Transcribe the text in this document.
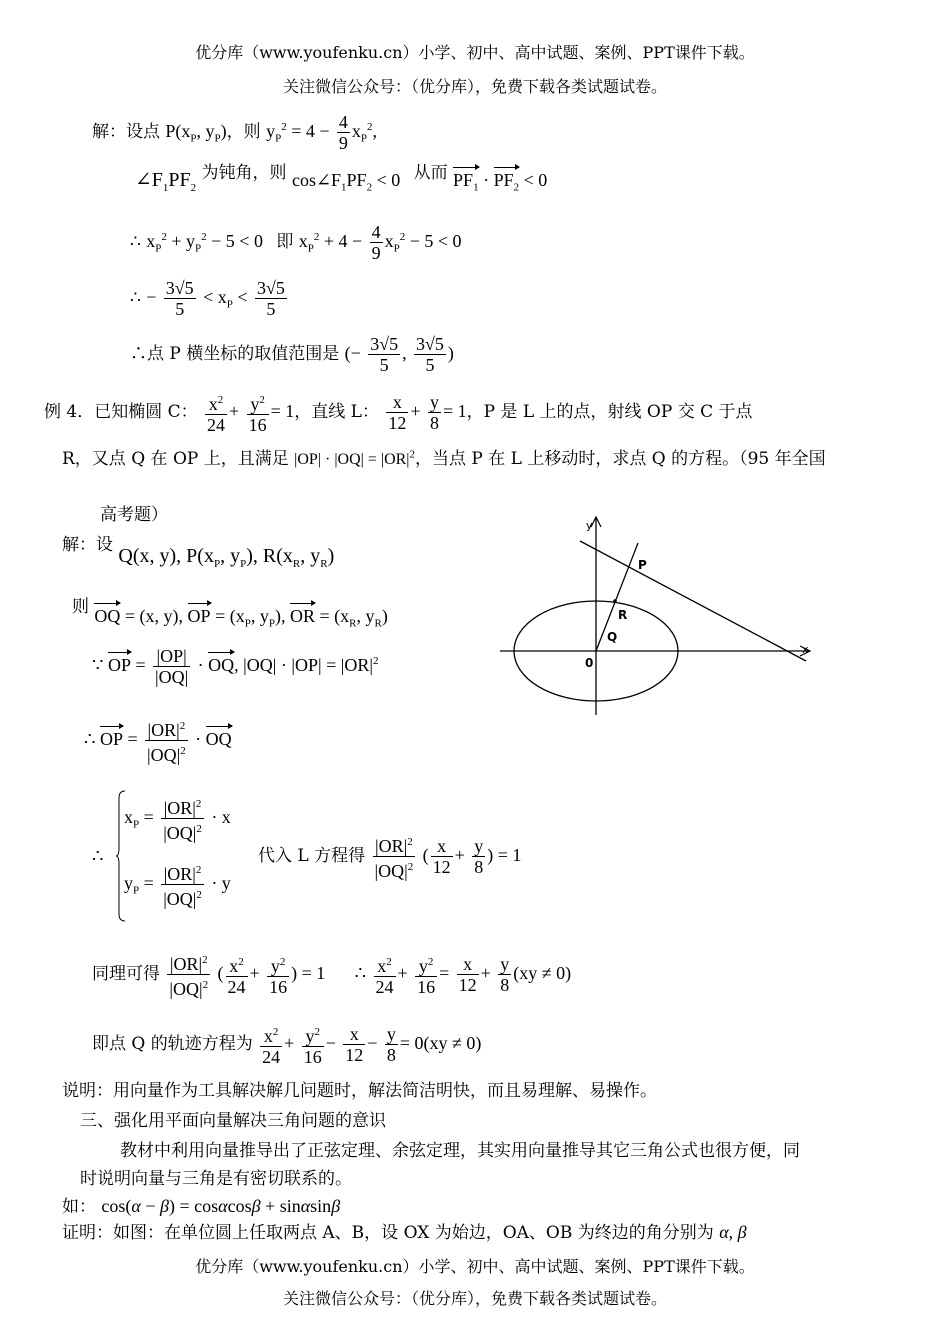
优分库（www.youfenku.cn）小学、初中、高中试题、案例、PPT课件下载。
关注微信公众号：（优分库），免费下载各类试题试卷。
解：设点 $P(x_P$, $y_P$)，则 $y_P^2 = 4 - \frac{4}{9} x_P^2$,
$\angle F_1PF_2$ 为钝角，则 $\cos\angle F_1PF_2 < 0$ 从而 $PF_1 \cdot PF_2 < 0$
∴ $x_P^2 + y_P^2 - 5 < 0$ 即 $x_P^2 + 4 - \frac{4}{9} x_P^2 - 5 < 0$
∴ − $\frac{3√5}{5} < x_P < \frac{3√5}{5}$
∴点 P 横坐标的取值范围是 (− $\frac{3√5}{5}$ , $\frac{3√5}{5}$ )
例 4．已知椭圆 C： $\frac{x^2}{24} + \frac{y^2}{16} = 1$，直线 L： $\frac{x}{12} + \frac{y}{8} = 1$，P 是 L 上的点，射线 OP 交 C 于点
R，又点 Q 在 OP 上，且满足 $|OP| \cdot |OQ| = |OR|^2$，当点 P 在 L 上移动时，求点 Q 的方程。（95 年全国
高考题）
解：设 Q(x, y), $P(x_P$, $y_P$), $R(x_R$, $y_R$)
则 OQ = (x, y), OP = ($x_P$, $y_P$), OR = ($x_R$, $y_R$)
∵ OP = $\frac{|OP|}{|OQ|}$ · OQ, $|OQ| \cdot |OP| = |OR|^2$
∴ OP = $\frac{|OR|^2}{|OQ|^2}$ · OQ
∴
$x_P = \frac{|OR|^2}{|OQ|^2} \cdot x$
$y_P = \frac{|OR|^2}{|OQ|^2} \cdot y$
代入 L 方程得 $\frac{|OR|^2}{|OQ|^2}$ ( $\frac{x}{12} + \frac{y}{8}$ ) = 1
同理可得 $\frac{|OR|^2}{|OQ|^2}$ ( $\frac{x^2}{24} + \frac{y^2}{16}$ ) = 1 ∴ $\frac{x^2}{24} + \frac{y^2}{16} = \frac{x}{12} + \frac{y}{8} (xy \ne 0)$
即点 Q 的轨迹方程为 $\frac{x^2}{24} + \frac{y^2}{16} - \frac{x}{12} - \frac{y}{8} = 0(xy \ne 0)$
y
x
P
R
Q
0
说明：用向量作为工具解决解几问题时，解法简洁明快，而且易理解、易操作。
三、强化用平面向量解决三角问题的意识
教材中利用向量推导出了正弦定理、余弦定理，其实用向量推导其它三角公式也很方便，同
时说明向量与三角是有密切联系的。
如： cos(α − β) = cosαcosβ + sinαsinβ
证明：如图：在单位圆上任取两点 A、B，设 OX 为始边，OA、OB 为终边的角分别为 α, β
优分库（www.youfenku.cn）小学、初中、高中试题、案例、PPT课件下载。
关注微信公众号：（优分库），免费下载各类试题试卷。
